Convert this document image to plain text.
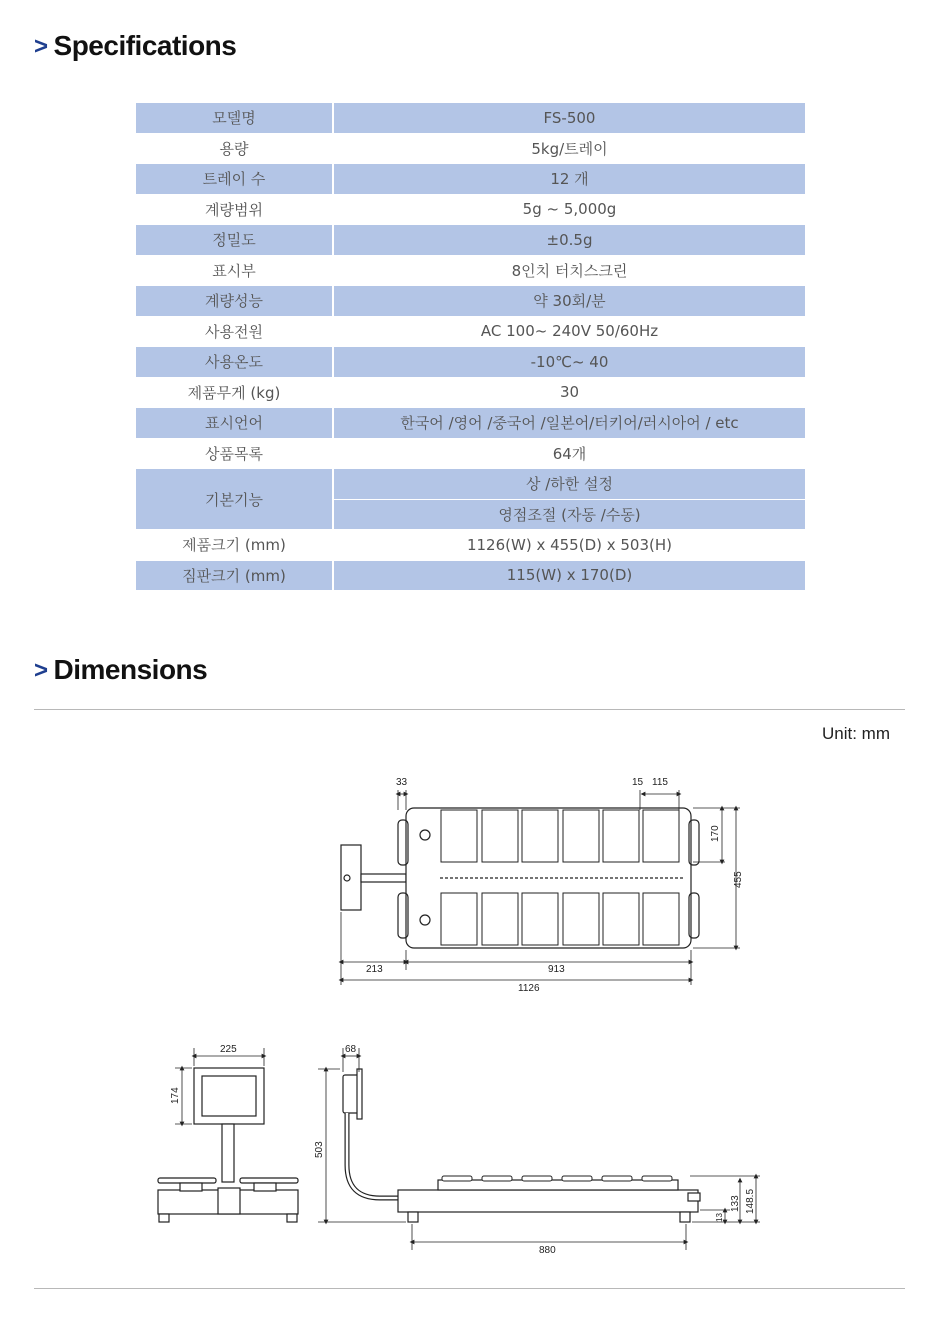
> Specifications
모델명	FS-500
용량	5kg/트레이
트레이 수	12 개
계량범위	5g ~ 5,000g
정밀도	±0.5g
표시부	8인치 터치스크린
계량성능	약 30회/분
사용전원	AC 100~ 240V 50/60Hz
사용온도	-10℃~ 40
제품무게 (kg)	30
표시언어	한국어 /영어 /중국어 /일본어/터키어/러시아어 / etc
상품목록	64개
기본기능	상 /하한 설정
	영점조절 (자동 /수동)
제품크기 (mm)	1126(W) x 455(D) x 503(H)
짐판크기 (mm)	115(W) x 170(D)
> Dimensions
Unit: mm
33	15 115
170
455
213	913
1126
225
174
68
503
880
13
133 148.5
